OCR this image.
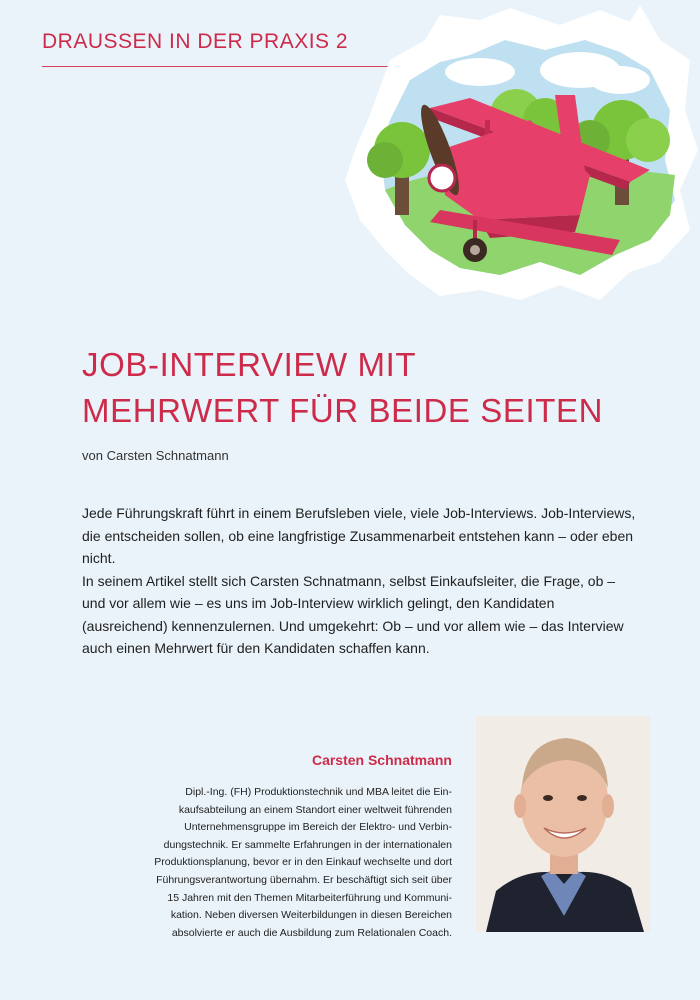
DRAUSSEN IN DER PRAXIS 2
JOB-INTERVIEW MIT
MEHRWERT FÜR BEIDE SEITEN
von Carsten Schnatmann

Jede Führungskraft führt in einem Berufsleben viele, viele Job-Interviews. Job-Interviews, die entscheiden sollen, ob eine langfristige Zusammenarbeit entstehen kann – oder eben nicht.

In seinem Artikel stellt sich Carsten Schnatmann, selbst Einkaufsleiter, die Frage, ob – und vor allem wie – es uns im Job-Interview wirklich gelingt, den Kandidaten (ausreichend) kennenzulernen. Und umgekehrt: Ob – und vor allem wie – das Interview auch einen Mehrwert für den Kandidaten schaffen kann.

Carsten Schnatmann
Dipl.-Ing. (FH) Produktionstechnik und MBA leitet die Ein-
kaufsabteilung an einem Standort einer weltweit führenden
Unternehmensgruppe im Bereich der Elektro- und Verbin-
dungstechnik. Er sammelte Erfahrungen in der internationalen
Produktionsplanung, bevor er in den Einkauf wechselte und dort
Führungsverantwortung übernahm. Er beschäftigt sich seit über
15 Jahren mit den Themen Mitarbeiterführung und Kommuni-
kation. Neben diversen Weiterbildungen in diesen Bereichen
absolvierte er auch die Ausbildung zum Relationalen Coach.
